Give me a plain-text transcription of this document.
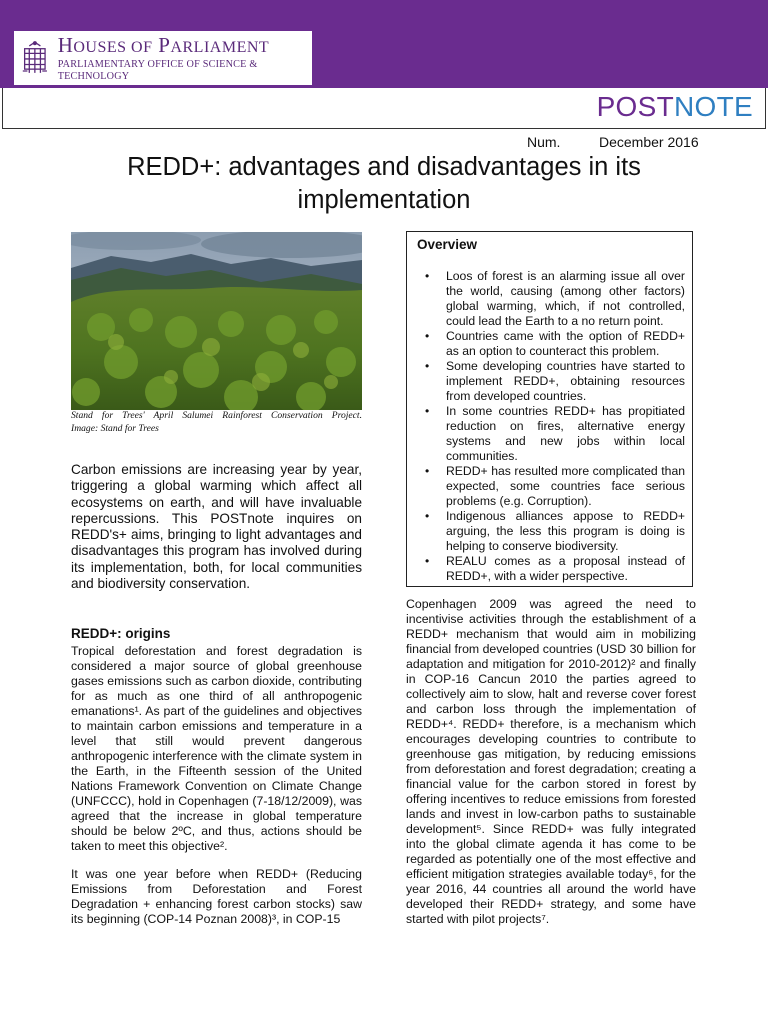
HOUSES OF PARLIAMENT
PARLIAMENTARY OFFICE OF SCIENCE & TECHNOLOGY
POSTNOTE
Num.	December 2016
REDD+: advantages and disadvantages in its implementation
Stand for Trees' April Salumei Rainforest Conservation Project.
Image: Stand for Trees
Carbon emissions are increasing year by year, triggering a global warming which affect all ecosystems on earth, and will have invaluable repercussions. This POSTnote inquires on REDD's+ aims, bringing to light advantages and disadvantages this program has involved during its implementation, both, for local communities and biodiversity conservation.
REDD+: origins
Tropical deforestation and forest degradation is considered a major source of global greenhouse gases emissions such as carbon dioxide, contributing for as much as one third of all anthropogenic emanations¹. As part of the guidelines and objectives to maintain carbon emissions and temperature in a level that still would prevent dangerous anthropogenic interference with the climate system in the Earth, in the Fifteenth session of the United Nations Framework Convention on Climate Change (UNFCCC), hold in Copenhagen (7-18/12/2009), was agreed that the increase in global temperature should be below 2ºC, and thus, actions should be taken to meet this objective².
It was one year before when REDD+ (Reducing Emissions from Deforestation and Forest Degradation + enhancing forest carbon stocks) saw its beginning (COP-14 Poznan 2008)³, in COP-15
Overview
• Loos of forest is an alarming issue all over the world, causing (among other factors) global warming, which, if not controlled, could lead the Earth to a no return point.
• Countries came with the option of REDD+ as an option to counteract this problem.
• Some developing countries have started to implement REDD+, obtaining resources from developed countries.
• In some countries REDD+ has propitiated reduction on fires, alternative energy systems and new jobs within local communities.
• REDD+ has resulted more complicated than expected, some countries face serious problems (e.g. Corruption).
• Indigenous alliances appose to REDD+ arguing, the less this program is doing is helping to conserve biodiversity.
• REALU comes as a proposal instead of REDD+, with a wider perspective.
Copenhagen 2009 was agreed the need to incentivise activities through the establishment of a REDD+ mechanism that would aim in mobilizing financial from developed countries (USD 30 billion for adaptation and mitigation for 2010-2012)² and finally in COP-16 Cancun 2010 the parties agreed to collectively aim to slow, halt and reverse cover forest and carbon loss through the implementation of REDD+⁴. REDD+ therefore, is a mechanism which encourages developing countries to contribute to greenhouse gas mitigation, by reducing emissions from deforestation and forest degradation; creating a financial value for the carbon stored in forest by offering incentives to reduce emissions from forested lands and invest in low-carbon paths to sustainable development⁵. Since REDD+ was fully integrated into the global climate agenda it has come to be regarded as potentially one of the most effective and efficient mitigation strategies available today⁶, for the year 2016, 44 countries all around the world have developed their REDD+ strategy, and some have started with pilot projects⁷.
